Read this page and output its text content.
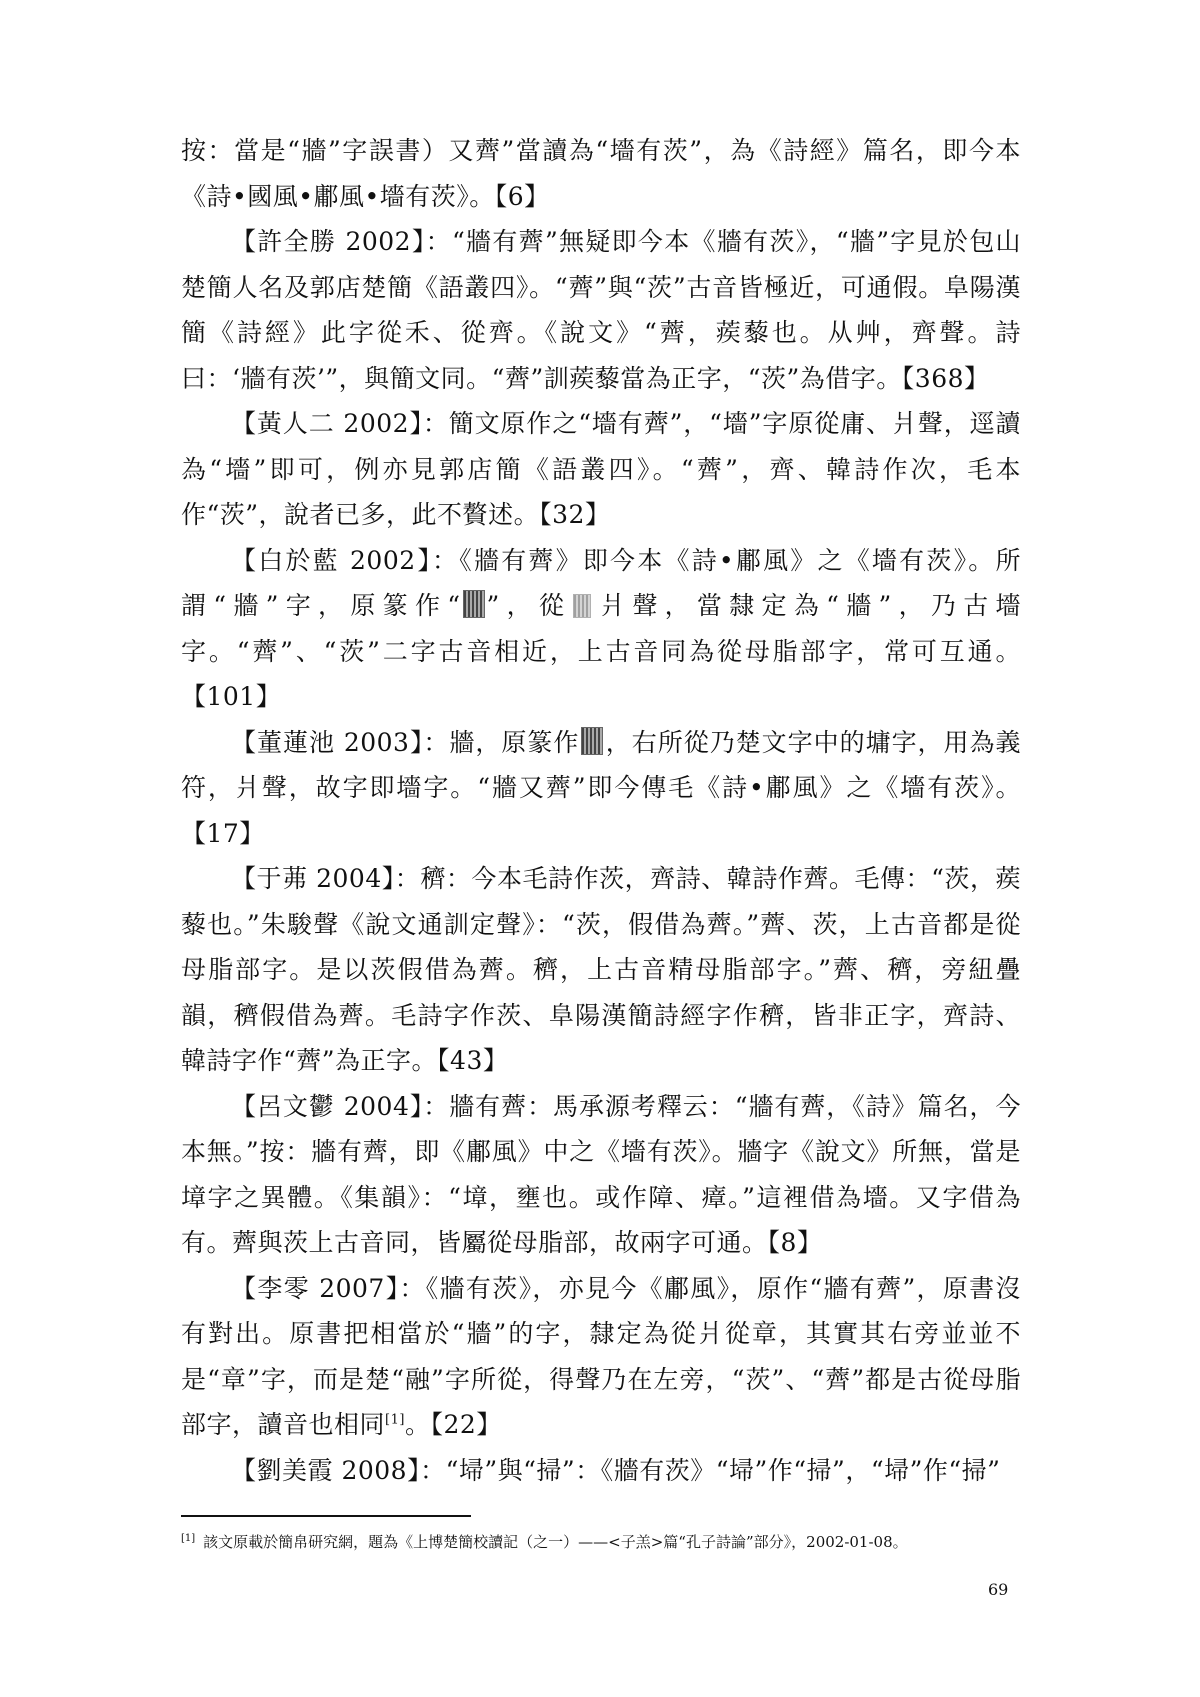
按：當是“牆”字誤書）又薺”當讀為“墻有茨”，為《詩經》篇名，即今本《詩•國風•鄘風•墻有茨》。【6】

【許全勝 2002】：“牆有薺”無疑即今本《牆有茨》，“牆”字見於包山楚簡人名及郭店楚簡《語叢四》。“薺”與“茨”古音皆極近，可通假。阜陽漢簡《詩經》此字從禾、從齊。《說文》“薺，蒺藜也。从艸，齊聲。詩曰：‘牆有茨’”，與簡文同。“薺”訓蒺藜當為正字，“茨”為借字。【368】

【黃人二 2002】：簡文原作之“墻有薺”，“墻”字原從庸、爿聲，逕讀為“墻”即可，例亦見郭店簡《語叢四》。“薺”，齊、韓詩作次，毛本作“茨”，說者已多，此不贅述。【32】

【白於藍 2002】：《牆有薺》即今本《詩•鄘風》之《墻有茨》。所謂“牆”字，原篆作“ ”，從 爿聲，當隸定為“牆”，乃古墻字。“薺”、“茨”二字古音相近，上古音同為從母脂部字，常可互通。【101】

【董蓮池 2003】：牆，原篆作 ，右所從乃楚文字中的墉字，用為義符，爿聲，故字即墻字。“牆又薺”即今傳毛《詩•鄘風》之《墻有茨》。【17】

【于茀 2004】：穧：今本毛詩作茨，齊詩、韓詩作薺。毛傳：“茨，蒺藜也。”朱駿聲《說文通訓定聲》：“茨，假借為薺。”薺、茨，上古音都是從母脂部字。是以茨假借為薺。穧，上古音精母脂部字。”薺、穧，旁紐疊韻，穧假借為薺。毛詩字作茨、阜陽漢簡詩經字作穧，皆非正字，齊詩、韓詩字作“薺”為正字。【43】

【呂文鬱 2004】：牆有薺：馬承源考釋云：“牆有薺，《詩》篇名，今本無。”按：牆有薺，即《鄘風》中之《墻有茨》。牆字《說文》所無，當是墇字之異體。《集韻》：“墇，壅也。或作障、瘴。”這裡借為墻。又字借為有。薺與茨上古音同，皆屬從母脂部，故兩字可通。【8】

【李零 2007】：《牆有茨》，亦見今《鄘風》，原作“牆有薺”，原書沒有對出。原書把相當於“牆”的字，隸定為從爿從章，其實其右旁並並不是“章”字，而是楚“融”字所從，得聲乃在左旁，“茨”、“薺”都是古從母脂部字，讀音也相同[1]。【22】

【劉美霞 2008】：“埽”與“掃”：《牆有茨》“埽”作“掃”，“埽”作“掃”

[1] 該文原載於簡帛研究網，題為《上博楚簡校讀記（之一）——<子羔>篇“孔子詩論”部分》，2002-01-08。
69
